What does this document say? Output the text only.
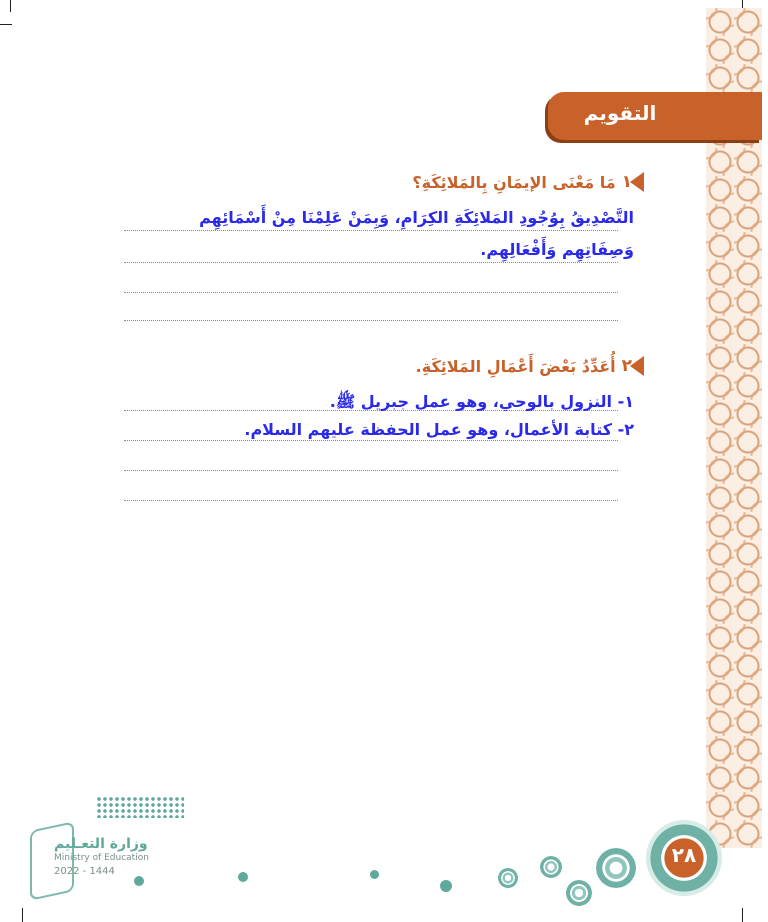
التقويم
١
مَا مَعْنَى الإيمَانِ بِالمَلائِكَةِ؟
التَّصْدِيقُ بِوُجُودِ المَلائِكَةِ الكِرَامِ، وَبِمَنْ عَلِمْنَا مِنْ أَسْمَائِهِم
وَصِفَاتِهِم وَأَفْعَالِهِم.
٢
أُعَدِّدُ بَعْضَ أَعْمَالِ المَلائِكَةِ.
١- النزول بالوحي، وهو عمل جبريل ﷺ.
٢- كتابة الأعمال، وهو عمل الحفظة عليهم السلام.
٢٨
وزارة التعـليم
Ministry of Education
2022 - 1444
